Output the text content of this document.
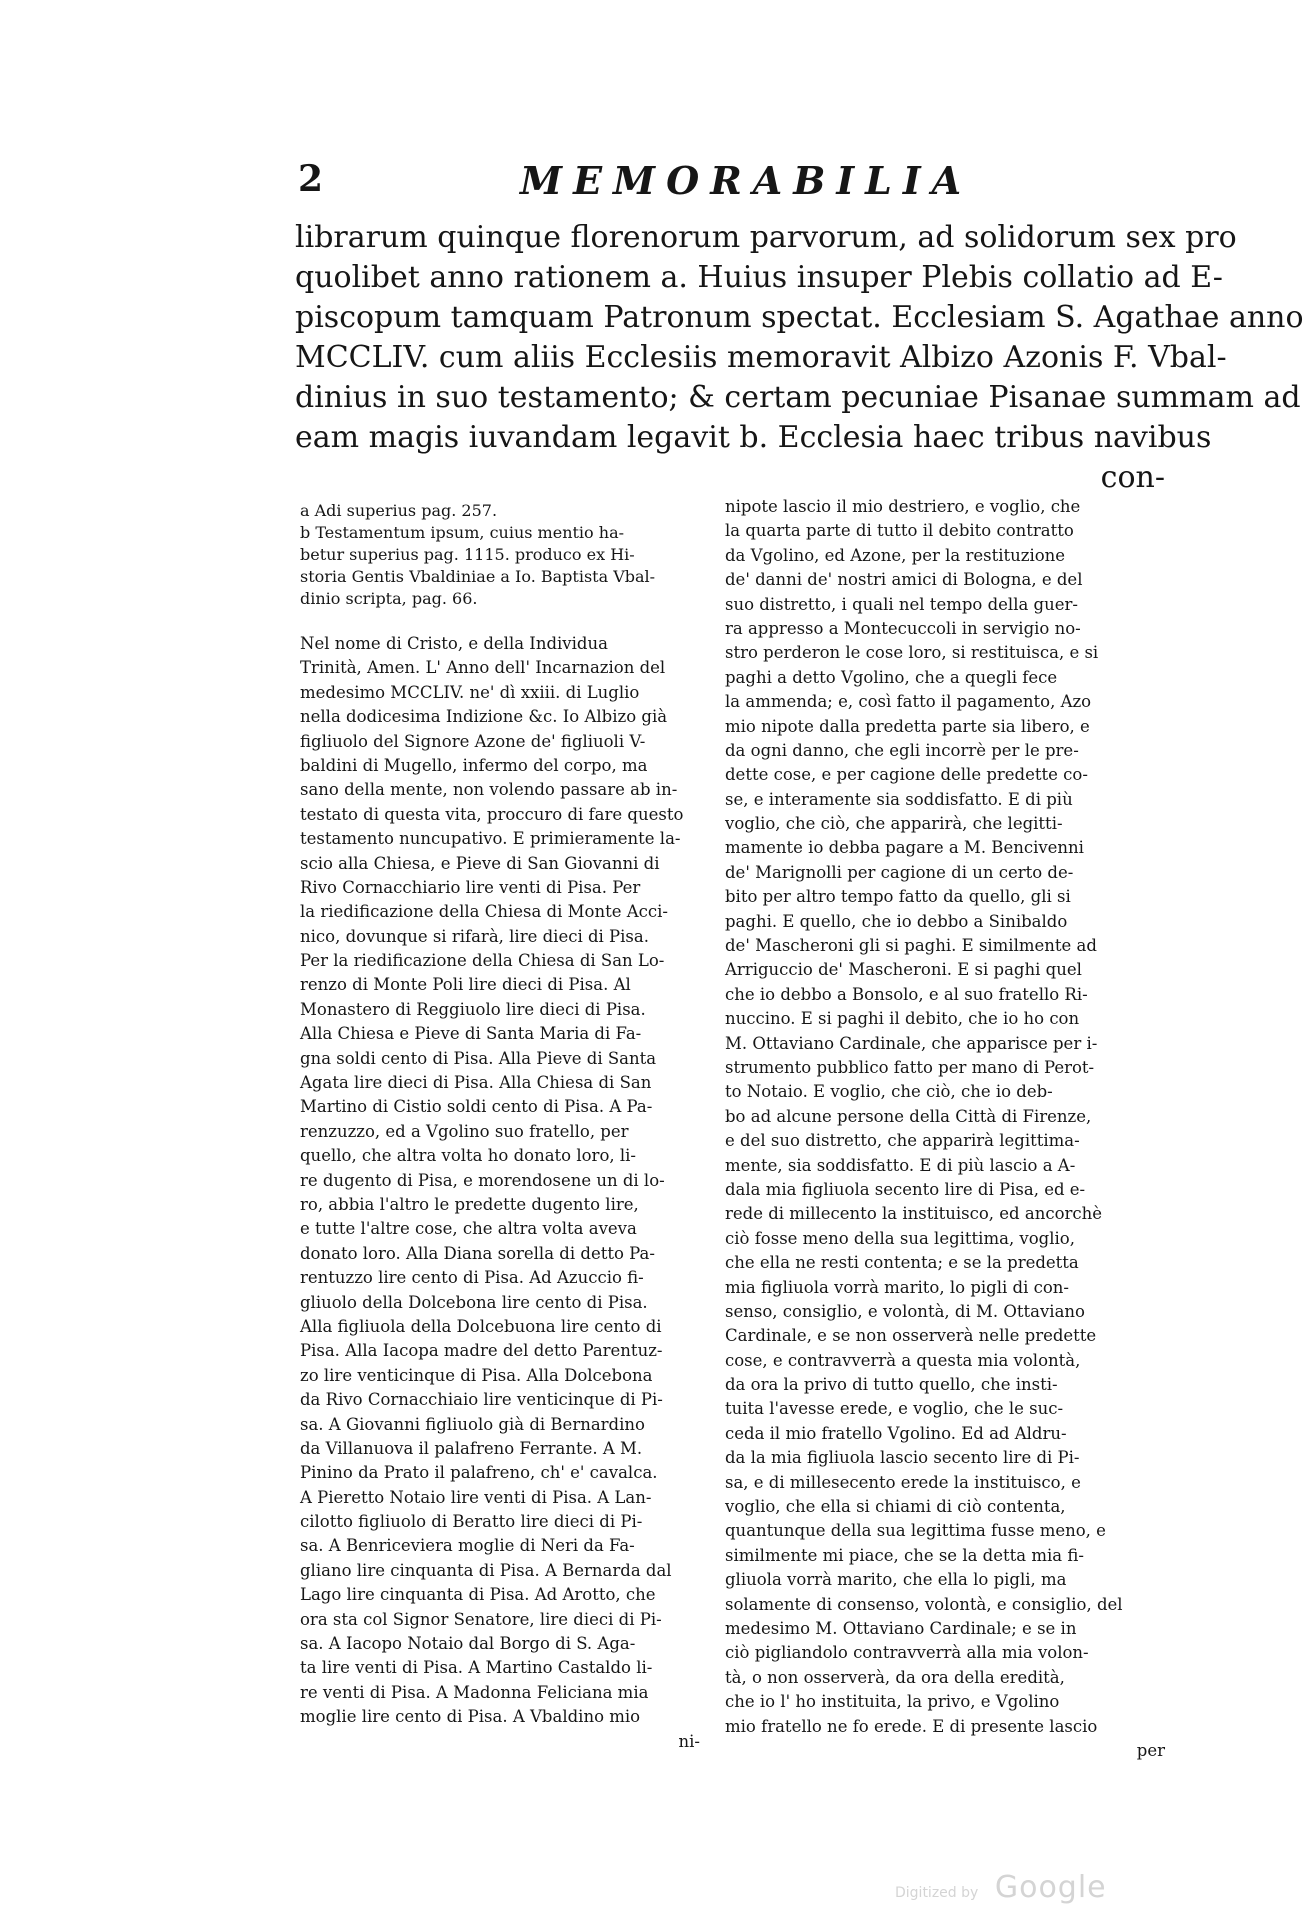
2	MEMORABILIA
librarum quinque florenorum parvorum, ad solidorum sex pro
quolibet anno rationem a. Huius insuper Plebis collatio ad E-
piscopum tamquam Patronum spectat. Ecclesiam S. Agathae anno
MCCLIV. cum aliis Ecclesiis memoravit Albizo Azonis F. Vbal-
dinius in suo testamento; & certam pecuniae Pisanae summam ad
eam magis iuvandam legavit b. Ecclesia haec tribus navibus
con-
a Adi superius pag. 257.
b Testamentum ipsum, cuius mentio ha-
betur superius pag. 1115. produco ex Hi-
storia Gentis Vbaldiniae a Io. Baptista Vbal-
dinio scripta, pag. 66.
Nel nome di Cristo, e della Individua
Trinità, Amen. L' Anno dell' Incarnazion del
medesimo MCCLIV. ne' dì xxiii. di Luglio
nella dodicesima Indizione &c. Io Albizo già
figliuolo del Signore Azone de' figliuoli V-
baldini di Mugello, infermo del corpo, ma
sano della mente, non volendo passare ab in-
testato di questa vita, proccuro di fare questo
testamento nuncupativo. E primieramente la-
scio alla Chiesa, e Pieve di San Giovanni di
Rivo Cornacchiario lire venti di Pisa. Per
la riedificazione della Chiesa di Monte Acci-
nico, dovunque si rifarà, lire dieci di Pisa.
Per la riedificazione della Chiesa di San Lo-
renzo di Monte Poli lire dieci di Pisa. Al
Monastero di Reggiuolo lire dieci di Pisa.
Alla Chiesa e Pieve di Santa Maria di Fa-
gna soldi cento di Pisa. Alla Pieve di Santa
Agata lire dieci di Pisa. Alla Chiesa di San
Martino di Cistio soldi cento di Pisa. A Pa-
renzuzzo, ed a Vgolino suo fratello, per
quello, che altra volta ho donato loro, li-
re dugento di Pisa, e morendosene un di lo-
ro, abbia l'altro le predette dugento lire,
e tutte l'altre cose, che altra volta aveva
donato loro. Alla Diana sorella di detto Pa-
rentuzzo lire cento di Pisa. Ad Azuccio fi-
gliuolo della Dolcebona lire cento di Pisa.
Alla figliuola della Dolcebuona lire cento di
Pisa. Alla Iacopa madre del detto Parentuz-
zo lire venticinque di Pisa. Alla Dolcebona
da Rivo Cornacchiaio lire venticinque di Pi-
sa. A Giovanni figliuolo già di Bernardino
da Villanuova il palafreno Ferrante. A M.
Pinino da Prato il palafreno, ch' e' cavalca.
A Pieretto Notaio lire venti di Pisa. A Lan-
cilotto figliuolo di Beratto lire dieci di Pi-
sa. A Benriceviera moglie di Neri da Fa-
gliano lire cinquanta di Pisa. A Bernarda dal
Lago lire cinquanta di Pisa. Ad Arotto, che
ora sta col Signor Senatore, lire dieci di Pi-
sa. A Iacopo Notaio dal Borgo di S. Aga-
ta lire venti di Pisa. A Martino Castaldo li-
re venti di Pisa. A Madonna Feliciana mia
moglie lire cento di Pisa. A Vbaldino mio
ni-
nipote lascio il mio destriero, e voglio, che
la quarta parte di tutto il debito contratto
da Vgolino, ed Azone, per la restituzione
de' danni de' nostri amici di Bologna, e del
suo distretto, i quali nel tempo della guer-
ra appresso a Montecuccoli in servigio no-
stro perderon le cose loro, si restituisca, e si
paghi a detto Vgolino, che a quegli fece
la ammenda; e, così fatto il pagamento, Azo
mio nipote dalla predetta parte sia libero, e
da ogni danno, che egli incorrè per le pre-
dette cose, e per cagione delle predette co-
se, e interamente sia soddisfatto. E di più
voglio, che ciò, che apparirà, che legitti-
mamente io debba pagare a M. Bencivenni
de' Marignolli per cagione di un certo de-
bito per altro tempo fatto da quello, gli si
paghi. E quello, che io debbo a Sinibaldo
de' Mascheroni gli si paghi. E similmente ad
Arriguccio de' Mascheroni. E si paghi quel
che io debbo a Bonsolo, e al suo fratello Ri-
nuccino. E si paghi il debito, che io ho con
M. Ottaviano Cardinale, che apparisce per i-
strumento pubblico fatto per mano di Perot-
to Notaio. E voglio, che ciò, che io deb-
bo ad alcune persone della Città di Firenze,
e del suo distretto, che apparirà legittima-
mente, sia soddisfatto. E di più lascio a A-
dala mia figliuola secento lire di Pisa, ed e-
rede di millecento la instituisco, ed ancorchè
ciò fosse meno della sua legittima, voglio,
che ella ne resti contenta; e se la predetta
mia figliuola vorrà marito, lo pigli di con-
senso, consiglio, e volontà, di M. Ottaviano
Cardinale, e se non osserverà nelle predette
cose, e contravverrà a questa mia volontà,
da ora la privo di tutto quello, che insti-
tuita l'avesse erede, e voglio, che le suc-
ceda il mio fratello Vgolino. Ed ad Aldru-
da la mia figliuola lascio secento lire di Pi-
sa, e di millesecento erede la instituisco, e
voglio, che ella si chiami di ciò contenta,
quantunque della sua legittima fusse meno, e
similmente mi piace, che se la detta mia fi-
gliuola vorrà marito, che ella lo pigli, ma
solamente di consenso, volontà, e consiglio, del
medesimo M. Ottaviano Cardinale; e se in
ciò pigliandolo contravverrà alla mia volon-
tà, o non osserverà, da ora della eredità,
che io l' ho instituita, la privo, e Vgolino
mio fratello ne fo erede. E di presente lascio
per
Digitized by Google
